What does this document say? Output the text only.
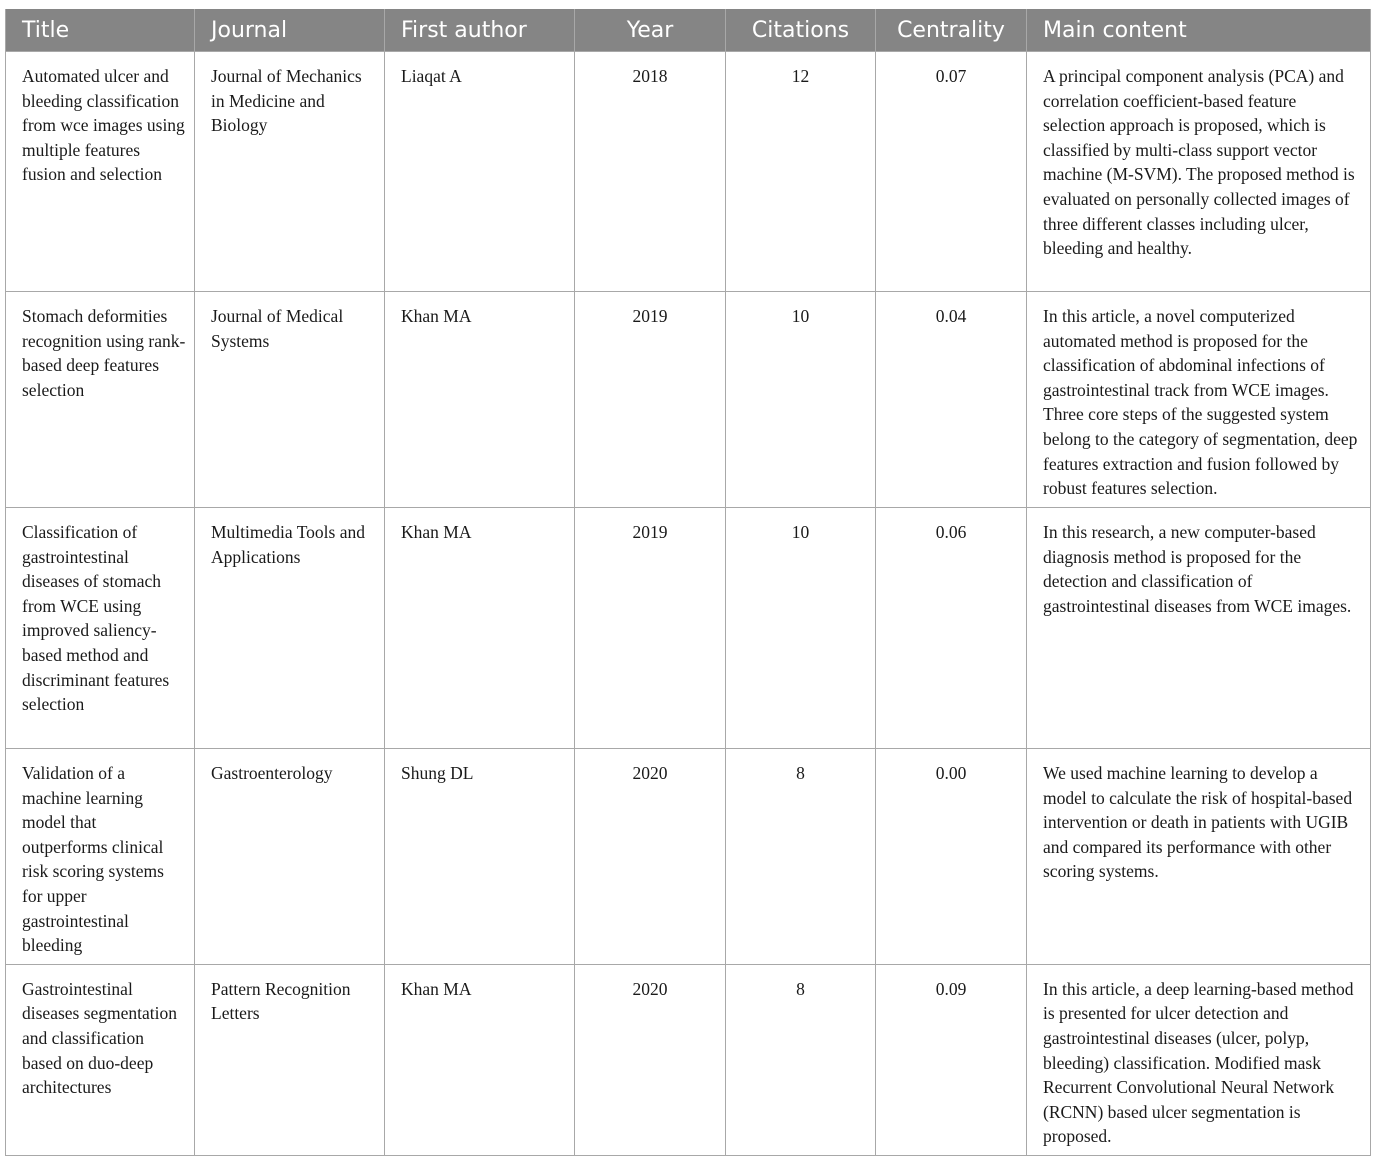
Title	Journal	First author	Year	Citations	Centrality	Main content
Automated ulcer and bleeding classification from wce images using multiple features fusion and selection	Journal of Mechanics in Medicine and Biology	Liaqat A	2018	12	0.07	A principal component analysis (PCA) and correlation coefficient-based feature selection approach is proposed, which is classified by multi-class support vector machine (M-SVM). The proposed method is evaluated on personally collected images of three different classes including ulcer, bleeding and healthy.
Stomach deformities recognition using rank-based deep features selection	Journal of Medical Systems	Khan MA	2019	10	0.04	In this article, a novel computerized automated method is proposed for the classification of abdominal infections of gastrointestinal track from WCE images. Three core steps of the suggested system belong to the category of segmentation, deep features extraction and fusion followed by robust features selection.
Classification of gastrointestinal diseases of stomach from WCE using improved saliency-based method and discriminant features selection	Multimedia Tools and Applications	Khan MA	2019	10	0.06	In this research, a new computer-based diagnosis method is proposed for the detection and classification of gastrointestinal diseases from WCE images.
Validation of a machine learning model that outperforms clinical risk scoring systems for upper gastrointestinal bleeding	Gastroenterology	Shung DL	2020	8	0.00	We used machine learning to develop a model to calculate the risk of hospital-based intervention or death in patients with UGIB and compared its performance with other scoring systems.
Gastrointestinal diseases segmentation and classification based on duo-deep architectures	Pattern Recognition Letters	Khan MA	2020	8	0.09	In this article, a deep learning-based method is presented for ulcer detection and gastrointestinal diseases (ulcer, polyp, bleeding) classification. Modified mask Recurrent Convolutional Neural Network (RCNN) based ulcer segmentation is proposed.
